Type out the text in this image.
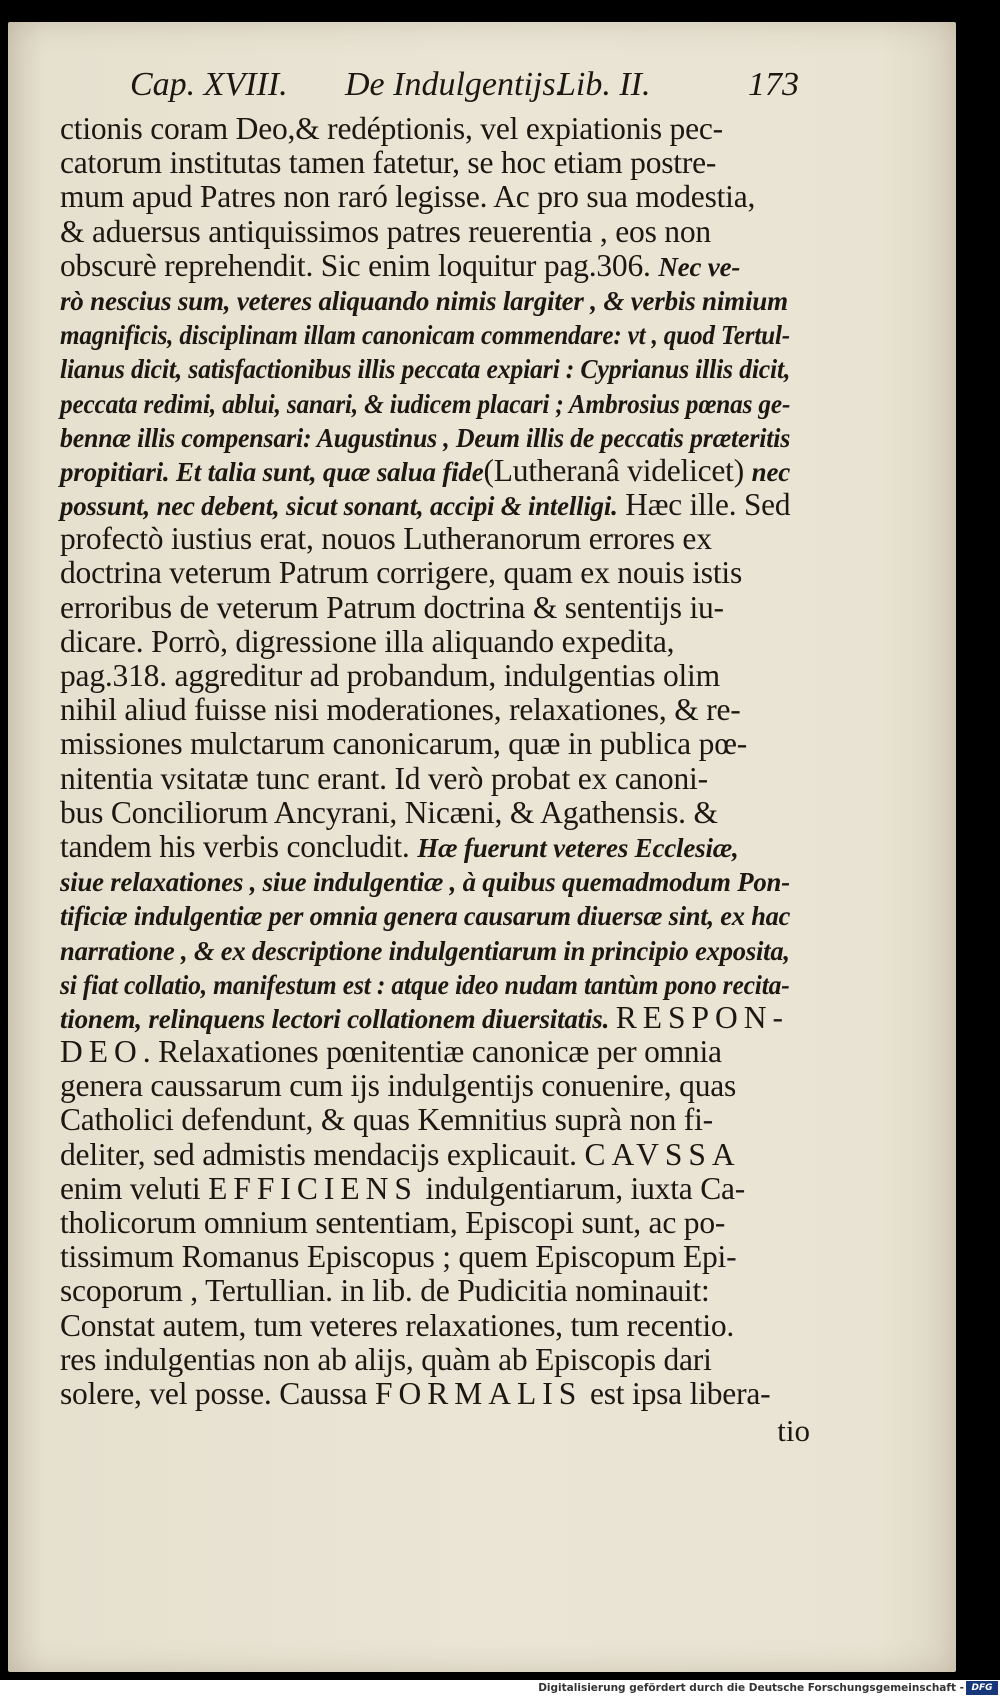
Cap. XVIII. De Indulgentijs.
Lib. II.	173
ctionis coram Deo,& redéptionis, vel expiationis pec-
catorum institutas tamen fatetur, se hoc etiam postre-
mum apud Patres non raró legisse. Ac pro sua modestia,
& aduersus antiquissimos patres reuerentia , eos non
obscurè reprehendit. Sic enim loquitur pag.306. Nec ve-
rò nescius sum, veteres aliquando nimis largiter , & verbis nimium
magnificis, disciplinam illam canonicam commendare: vt , quod Tertul-
lianus dicit, satisfactionibus illis peccata expiari : Cyprianus illis dicit,
peccata redimi, ablui, sanari, & iudicem placari ; Ambrosius pœnas ge-
bennæ illis compensari: Augustinus , Deum illis de peccatis præteritis
propitiari. Et talia sunt, quæ salua fide(Lutheranâ videlicet) nec
possunt, nec debent, sicut sonant, accipi & intelligi. Hæc ille. Sed
profectò iustius erat, nouos Lutheranorum errores ex
doctrina veterum Patrum corrigere, quam ex nouis istis
erroribus de veterum Patrum doctrina & sententijs iu-
dicare. Porrò, digressione illa aliquando expedita,
pag.318. aggreditur ad probandum, indulgentias olim
nihil aliud fuisse nisi moderationes, relaxationes, & re-
missiones mulctarum canonicarum, quæ in publica pœ-
nitentia vsitatæ tunc erant. Id verò probat ex canoni-
bus Conciliorum Ancyrani, Nicæni, & Agathensis. &
tandem his verbis concludit. Hæ fuerunt veteres Ecclesiæ,
siue relaxationes , siue indulgentiæ , à quibus quemadmodum Pon-
tificiæ indulgentiæ per omnia genera causarum diuersæ sint, ex hac
narratione , & ex descriptione indulgentiarum in principio exposita,
si fiat collatio, manifestum est : atque ideo nudam tantùm pono recita-
tionem, relinquens lectori collationem diuersitatis. RESPON-
DEO. Relaxationes pœnitentiæ canonicæ per omnia
genera caussarum cum ijs indulgentijs conuenire, quas
Catholici defendunt, & quas Kemnitius suprà non fi-
deliter, sed admistis mendacijs explicauit. CAVSSA
enim veluti EFFICIENS indulgentiarum, iuxta Ca-
tholicorum omnium sententiam, Episcopi sunt, ac po-
tissimum Romanus Episcopus ; quem Episcopum Epi-
scoporum , Tertullian. in lib. de Pudicitia nominauit:
Constat autem, tum veteres relaxationes, tum recentio.
res indulgentias non ab alijs, quàm ab Episcopis dari
solere, vel posse. Caussa FORMALIS est ipsa libera-
tio
Digitalisierung gefördert durch die Deutsche Forschungsgemeinschaft - DFG
